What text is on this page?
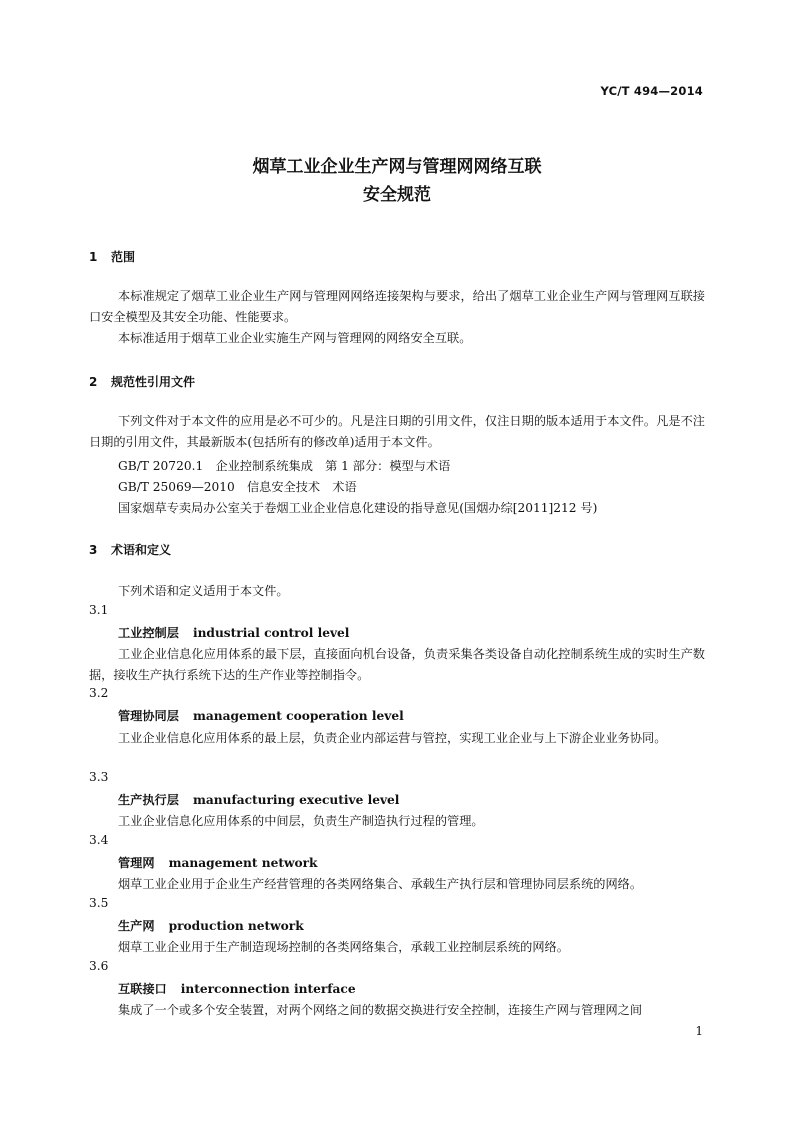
YC/T 494—2014
烟草工业企业生产网与管理网网络互联
安全规范
1 范围
本标准规定了烟草工业企业生产网与管理网网络连接架构与要求，给出了烟草工业企业生产网与管理网互联接口安全模型及其安全功能、性能要求。
本标准适用于烟草工业企业实施生产网与管理网的网络安全互联。
2 规范性引用文件
下列文件对于本文件的应用是必不可少的。凡是注日期的引用文件，仅注日期的版本适用于本文件。凡是不注日期的引用文件，其最新版本(包括所有的修改单)适用于本文件。
GB/T 20720.1　企业控制系统集成　第 1 部分：模型与术语
GB/T 25069—2010　信息安全技术　术语
国家烟草专卖局办公室关于卷烟工业企业信息化建设的指导意见(国烟办综[2011]212 号)
3 术语和定义
下列术语和定义适用于本文件。
3.1
工业控制层 industrial control level
工业企业信息化应用体系的最下层，直接面向机台设备，负责采集各类设备自动化控制系统生成的实时生产数据，接收生产执行系统下达的生产作业等控制指令。
3.2
管理协同层 management cooperation level
工业企业信息化应用体系的最上层，负责企业内部运营与管控，实现工业企业与上下游企业业务协同。
3.3
生产执行层 manufacturing executive level
工业企业信息化应用体系的中间层，负责生产制造执行过程的管理。
3.4
管理网 management network
烟草工业企业用于企业生产经营管理的各类网络集合、承载生产执行层和管理协同层系统的网络。
3.5
生产网 production network
烟草工业企业用于生产制造现场控制的各类网络集合，承载工业控制层系统的网络。
3.6
互联接口 interconnection interface
集成了一个或多个安全装置，对两个网络之间的数据交换进行安全控制，连接生产网与管理网之间
1
